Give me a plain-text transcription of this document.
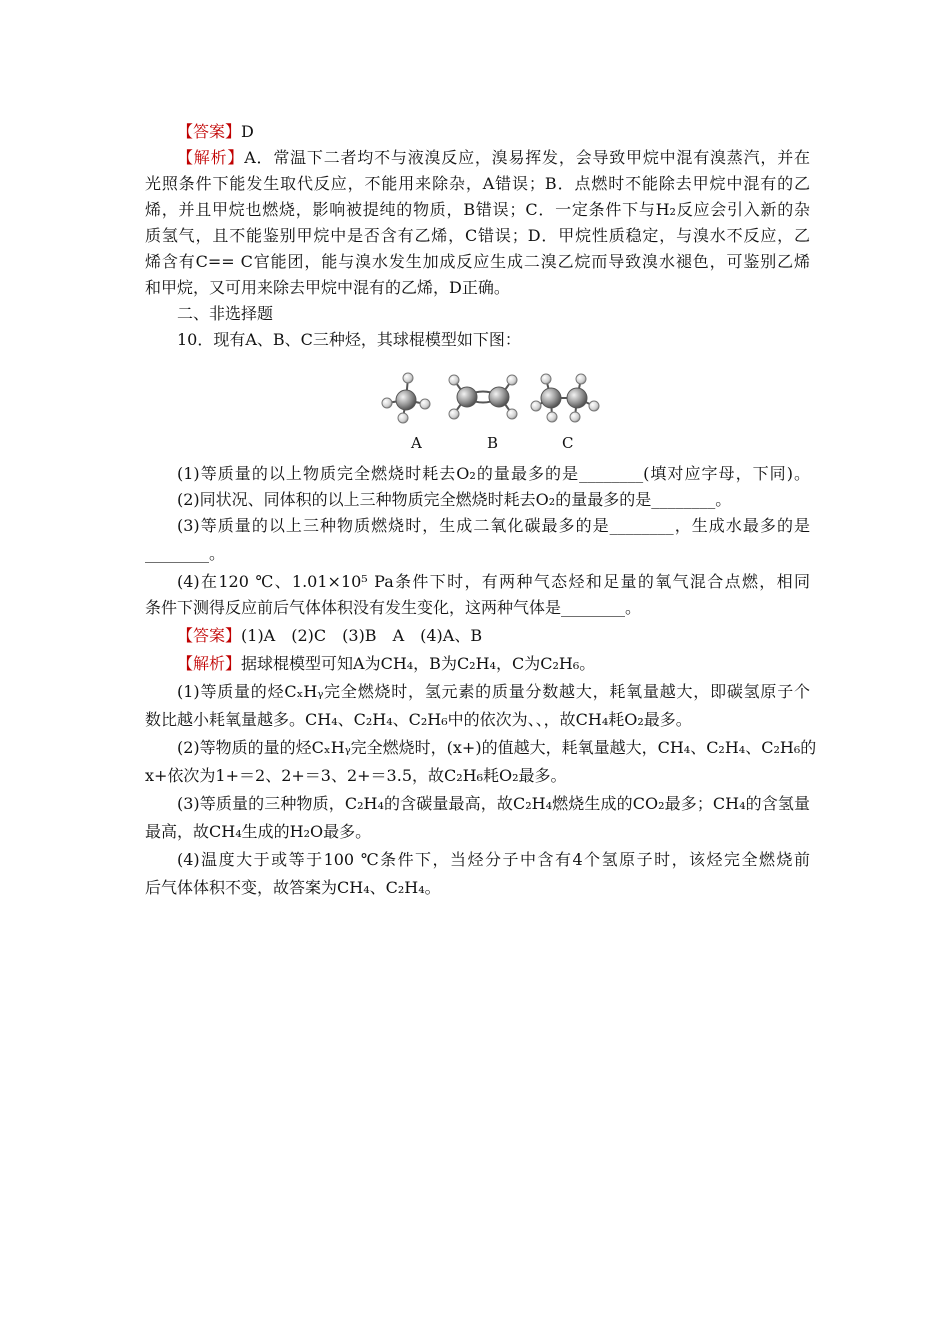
【答案】D
【解析】A．常温下二者均不与液溴反应，溴易挥发，会导致甲烷中混有溴蒸汽，并在
光照条件下能发生取代反应，不能用来除杂，A错误；B．点燃时不能除去甲烷中混有的乙
烯，并且甲烷也燃烧，影响被提纯的物质，B错误；C．一定条件下与H₂反应会引入新的杂
质氢气，且不能鉴别甲烷中是否含有乙烯，C错误；D．甲烷性质稳定，与溴水不反应，乙
烯含有C== C官能团，能与溴水发生加成反应生成二溴乙烷而导致溴水褪色，可鉴别乙烯
和甲烷，又可用来除去甲烷中混有的乙烯，D正确。
二、非选择题
10．现有A、B、C三种烃，其球棍模型如下图：
A	B	C
(1)等质量的以上物质完全燃烧时耗去O₂的量最多的是________(填对应字母，下同)。
(2)同状况、同体积的以上三种物质完全燃烧时耗去O₂的量最多的是________。
(3)等质量的以上三种物质燃烧时，生成二氧化碳最多的是________，生成水最多的是
________。
(4)在120 ℃、1.01×10⁵ Pa条件下时，有两种气态烃和足量的氧气混合点燃，相同
条件下测得反应前后气体体积没有发生变化，这两种气体是________。
【答案】(1)A　(2)C　(3)B　A　(4)A、B
【解析】据球棍模型可知A为CH₄，B为C₂H₄，C为C₂H₆。
(1)等质量的烃CₓHᵧ完全燃烧时，氢元素的质量分数越大，耗氧量越大，即碳氢原子个
数比越小耗氧量越多。CH₄、C₂H₄、C₂H₆中的依次为、、，故CH₄耗O₂最多。
(2)等物质的量的烃CₓHᵧ完全燃烧时，(x+)的值越大，耗氧量越大，CH₄、C₂H₄、C₂H₆的
x+依次为1+＝2、2+＝3、2+＝3.5，故C₂H₆耗O₂最多。
(3)等质量的三种物质，C₂H₄的含碳量最高，故C₂H₄燃烧生成的CO₂最多；CH₄的含氢量
最高，故CH₄生成的H₂O最多。
(4)温度大于或等于100 ℃条件下，当烃分子中含有4个氢原子时，该烃完全燃烧前
后气体体积不变，故答案为CH₄、C₂H₄。
